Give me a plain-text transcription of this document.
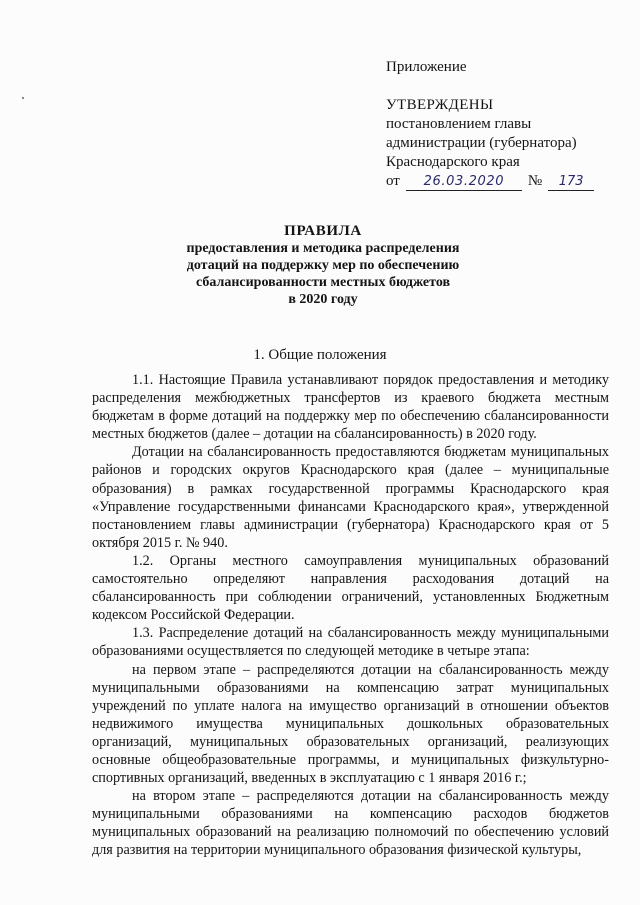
Приложение
УТВЕРЖДЕНЫ
постановлением главы
администрации (губернатора)
Краснодарского края
от	26.03.2020	№	173
ПРАВИЛА
предоставления и методика распределения
дотаций на поддержку мер по обеспечению
сбалансированности местных бюджетов
в 2020 году
1. Общие положения

1.1. Настоящие Правила устанавливают порядок предоставления и методику распределения межбюджетных трансфертов из краевого бюджета местным бюджетам в форме дотаций на поддержку мер по обеспечению сбалансированности местных бюджетов (далее – дотации на сбалансированность) в 2020 году.

Дотации на сбалансированность предоставляются бюджетам муниципальных районов и городских округов Краснодарского края (далее – муниципальные образования) в рамках государственной программы Краснодарского края «Управление государственными финансами Краснодарского края», утвержденной постановлением главы администрации (губернатора) Краснодарского края от 5 октября 2015 г. № 940.

1.2. Органы местного самоуправления муниципальных образований самостоятельно определяют направления расходования дотаций на сбалансированность при соблюдении ограничений, установленных Бюджетным кодексом Российской Федерации.

1.3. Распределение дотаций на сбалансированность между муниципальными образованиями осуществляется по следующей методике в четыре этапа:

на первом этапе – распределяются дотации на сбалансированность между муниципальными образованиями на компенсацию затрат муниципальных учреждений по уплате налога на имущество организаций в отношении объектов недвижимого имущества муниципальных дошкольных образовательных организаций, муниципальных образовательных организаций, реализующих основные общеобразовательные программы, и муниципальных физкультурно-спортивных организаций, введенных в эксплуатацию с 1 января 2016 г.;

на втором этапе – распределяются дотации на сбалансированность между муниципальными образованиями на компенсацию расходов бюджетов муниципальных образований на реализацию полномочий по обеспечению условий для развития на территории муниципального образования физической культуры,
